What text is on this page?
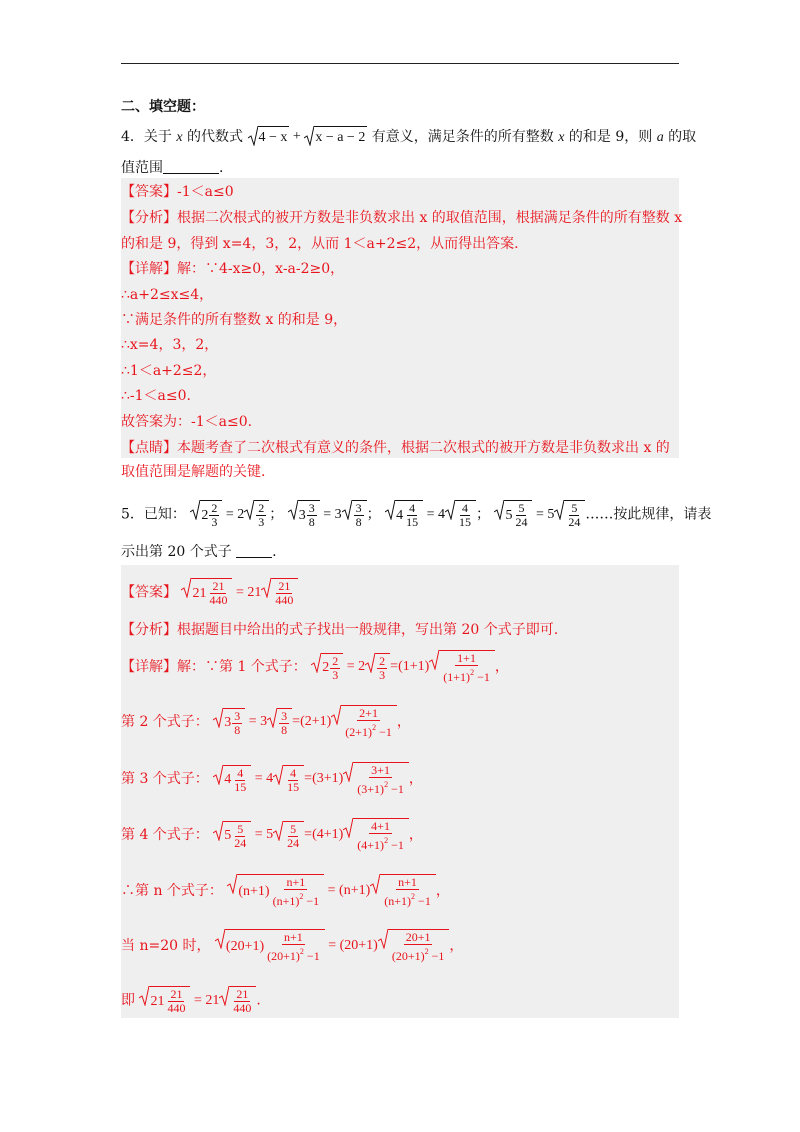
二、填空题：
4．关于 x 的代数式 4 − x + x − a − 2 有意义，满足条件的所有整数 x 的和是 9，则 a 的取
值范围	.
【答案】-1＜a≤0
【分析】根据二次根式的被开方数是非负数求出 x 的取值范围，根据满足条件的所有整数 x
的和是 9，得到 x=4，3，2，从而 1＜a+2≤2，从而得出答案.
【详解】解：∵4-x≥0，x-a-2≥0，
∴a+2≤x≤4，
∵满足条件的所有整数 x 的和是 9，
∴x=4，3，2，
∴1＜a+2≤2，
∴-1＜a≤0.
故答案为：-1＜a≤0.
【点睛】本题考查了二次根式有意义的条件，根据二次根式的被开方数是非负数求出 x 的
取值范围是解题的关键.
5．已知： 2 2
3
= 2 2
3 ； 3 3
8
= 3 3
8 ； 4 4
15
= 4 4
15 ； 5 5
24
= 5 5
24 ……按此规律，请表
示出第 20 个式子	.
【答案】 21 21
440
= 21 21
440
【分析】根据题目中给出的式子找出一般规律，写出第 20 个式子即可.
【详解】解：∵第 1 个式子： 2 2
3
= 2 2
3
=(1+1)
1+1
$(1+1)^2 -1$
，
第 2 个式子： 3 3
8
= 3 3
8
=(2+1)
2+1
$(2+1)^2 -1$
，
第 3 个式子： 4 4
15
= 4 4
15
=(3+1)
3+1
$(3+1)^2 -1$
，
第 4 个式子： 5 5
24
= 5 5
24
=(4+1)
4+1
$(4+1)^2 -1$
，
∴第 n 个式子： (n+1)
n+1
$(n+1)^2 -1$
= (n+1)
n+1
$(n+1)^2 -1$
，
当 n=20 时， (20+1)
n+1
$(20+1)^2 -1$
= (20+1)
20+1
$(20+1)^2 -1$
，
即 21 21
440
= 21 21
440 .
